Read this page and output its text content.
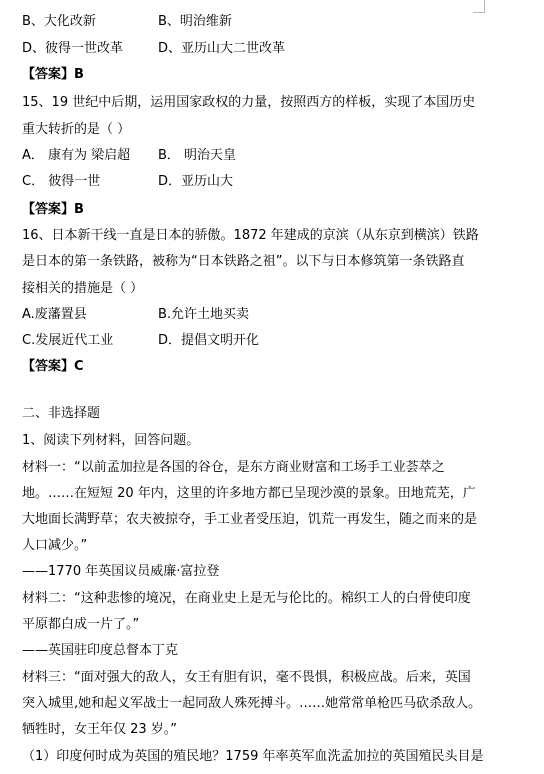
B、大化改新	B、明治维新
D、彼得一世改革	D、亚历山大二世改革
【答案】B
15、19 世纪中后期，运用国家政权的力量，按照西方的样板，实现了本国历史
重大转折的是（ ）
A． 康有为 梁启超 B． 明治天皇
C． 彼得一世	D．亚历山大
【答案】B
16、日本新干线一直是日本的骄傲。1872 年建成的京滨（从东京到横滨）铁路
是日本的第一条铁路，被称为“日本铁路之祖”。以下与日本修筑第一条铁路直
接相关的措施是（ ）
A.废藩置县	B.允许土地买卖
C.发展近代工业	D．提倡文明开化
【答案】C
二、非选择题
1、阅读下列材料，回答问题。
材料一：“以前孟加拉是各国的谷仓，是东方商业财富和工场手工业荟萃之
地。……在短短 20 年内，这里的许多地方都已呈现沙漠的景象。田地荒芜，广
大地面长满野草；农夫被掠夺，手工业者受压迫，饥荒一再发生，随之而来的是
人口减少。”
——1770 年英国议员威廉·富拉登
材料二：“这种悲惨的境况，在商业史上是无与伦比的。棉织工人的白骨使印度
平原都白成一片了。”
——英国驻印度总督本丁克
材料三：“面对强大的敌人，女王有胆有识，毫不畏惧，积极应战。后来，英国
突入城里,她和起义军战士一起同敌人殊死搏斗。……她常常单枪匹马砍杀敌人。
牺牲时，女王年仅 23 岁。”
（1）印度何时成为英国的殖民地？1759 年率英军血洗孟加拉的英国殖民头目是
